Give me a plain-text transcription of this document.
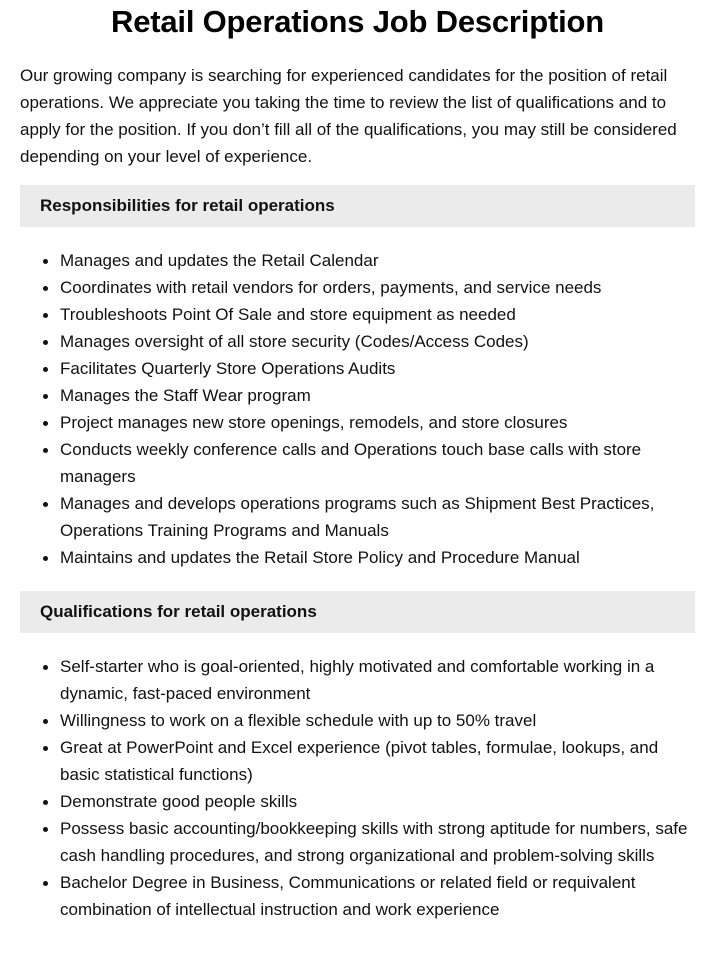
Retail Operations Job Description

Our growing company is searching for experienced candidates for the position of retail operations. We appreciate you taking the time to review the list of qualifications and to apply for the position. If you don’t fill all of the qualifications, you may still be considered depending on your level of experience.

Responsibilities for retail operations
Manages and updates the Retail Calendar
Coordinates with retail vendors for orders, payments, and service needs
Troubleshoots Point Of Sale and store equipment as needed
Manages oversight of all store security (Codes/Access Codes)
Facilitates Quarterly Store Operations Audits
Manages the Staff Wear program
Project manages new store openings, remodels, and store closures
Conducts weekly conference calls and Operations touch base calls with store managers
Manages and develops operations programs such as Shipment Best Practices, Operations Training Programs and Manuals
Maintains and updates the Retail Store Policy and Procedure Manual
Qualifications for retail operations
Self-starter who is goal-oriented, highly motivated and comfortable working in a dynamic, fast-paced environment
Willingness to work on a flexible schedule with up to 50% travel
Great at PowerPoint and Excel experience (pivot tables, formulae, lookups, and basic statistical functions)
Demonstrate good people skills
Possess basic accounting/bookkeeping skills with strong aptitude for numbers, safe cash handling procedures, and strong organizational and problem-solving skills
Bachelor Degree in Business, Communications or related field or requivalent combination of intellectual instruction and work experience
